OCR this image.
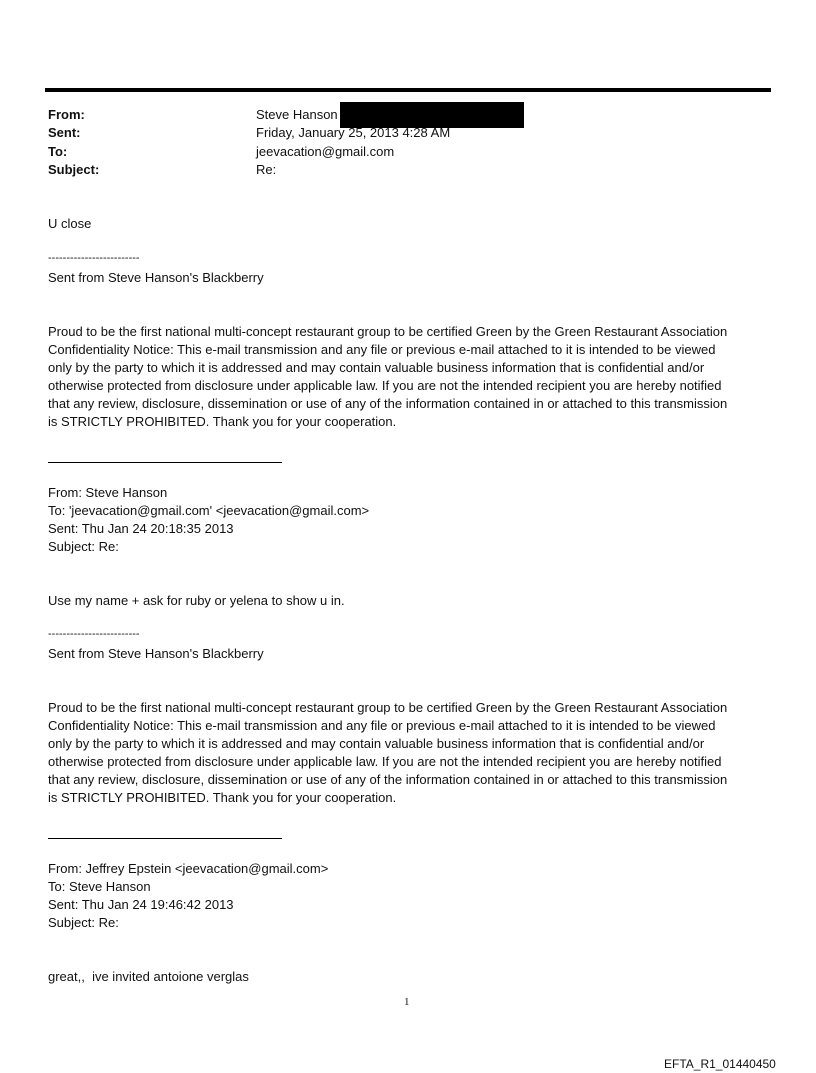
From:	Steve Hanson
Sent:	Friday, January 25, 2013 4:28 AM
To:	jeevacation@gmail.com
Subject:	Re:
U close
-------------------------
Sent from Steve Hanson's Blackberry
Proud to be the first national multi-concept restaurant group to be certified Green by the Green Restaurant Association
Confidentiality Notice: This e-mail transmission and any file or previous e-mail attached to it is intended to be viewed
only by the party to which it is addressed and may contain valuable business information that is confidential and/or
otherwise protected from disclosure under applicable law. If you are not the intended recipient you are hereby notified
that any review, disclosure, dissemination or use of any of the information contained in or attached to this transmission
is STRICTLY PROHIBITED. Thank you for your cooperation.
From: Steve Hanson
To: 'jeevacation@gmail.com' <jeevacation@gmail.com>
Sent: Thu Jan 24 20:18:35 2013
Subject: Re:
Use my name + ask for ruby or yelena to show u in.
-------------------------
Sent from Steve Hanson's Blackberry
Proud to be the first national multi-concept restaurant group to be certified Green by the Green Restaurant Association
Confidentiality Notice: This e-mail transmission and any file or previous e-mail attached to it is intended to be viewed
only by the party to which it is addressed and may contain valuable business information that is confidential and/or
otherwise protected from disclosure under applicable law. If you are not the intended recipient you are hereby notified
that any review, disclosure, dissemination or use of any of the information contained in or attached to this transmission
is STRICTLY PROHIBITED. Thank you for your cooperation.
From: Jeffrey Epstein <jeevacation@gmail.com>
To: Steve Hanson
Sent: Thu Jan 24 19:46:42 2013
Subject: Re:
great,,  ive invited antoione verglas
1
EFTA_R1_01440450
